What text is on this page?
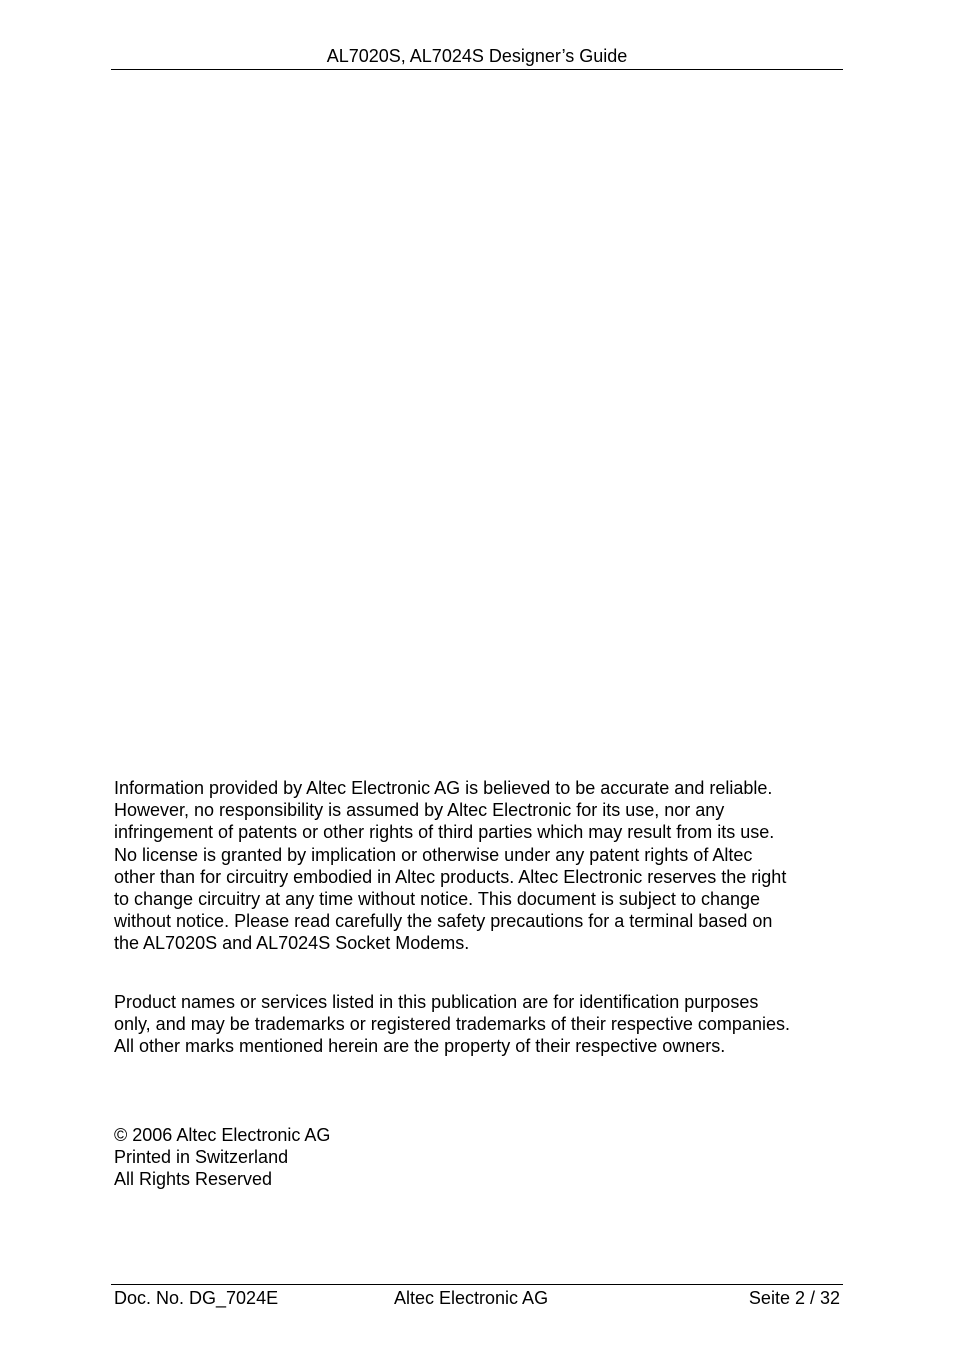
AL7020S, AL7024S Designer’s Guide
Information provided by Altec Electronic AG is believed to be accurate and reliable.
However, no responsibility is assumed by Altec Electronic for its use, nor any
infringement of patents or other rights of third parties which may result from its use.
No license is granted by implication or otherwise under any patent rights of Altec
other than for circuitry embodied in Altec products. Altec Electronic reserves the right
to change circuitry at any time without notice. This document is subject to change
without notice. Please read carefully the safety precautions for a terminal based on
the AL7020S and AL7024S Socket Modems.
Product names or services listed in this publication are for identification purposes
only, and may be trademarks or registered trademarks of their respective companies.
All other marks mentioned herein are the property of their respective owners.
© 2006 Altec Electronic AG
Printed in Switzerland
All Rights Reserved
Doc. No. DG_7024E	Altec Electronic AG	Seite 2 / 32
